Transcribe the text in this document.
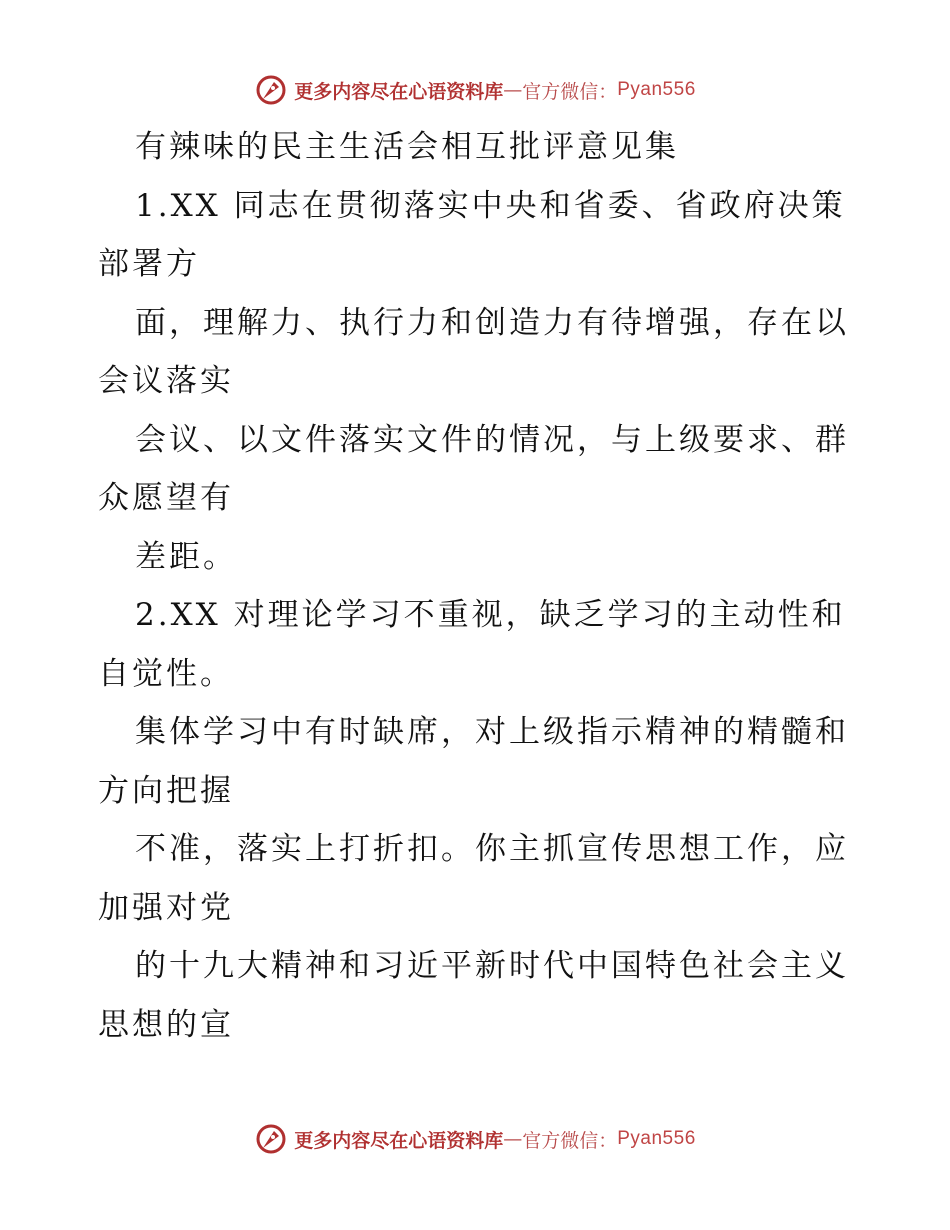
更多内容尽在心语资料库 — 官方微信： Pyan556
有辣味的民主生活会相互批评意见集
1.XX 同志在贯彻落实中央和省委、省政府决策
部署方
面，理解力、执行力和创造力有待增强，存在以
会议落实
会议、以文件落实文件的情况，与上级要求、群
众愿望有
差距。
2.XX 对理论学习不重视，缺乏学习的主动性和
自觉性。
集体学习中有时缺席，对上级指示精神的精髓和
方向把握
不准，落实上打折扣。你主抓宣传思想工作，应
加强对党
的十九大精神和习近平新时代中国特色社会主义
思想的宣
更多内容尽在心语资料库 — 官方微信： Pyan556
